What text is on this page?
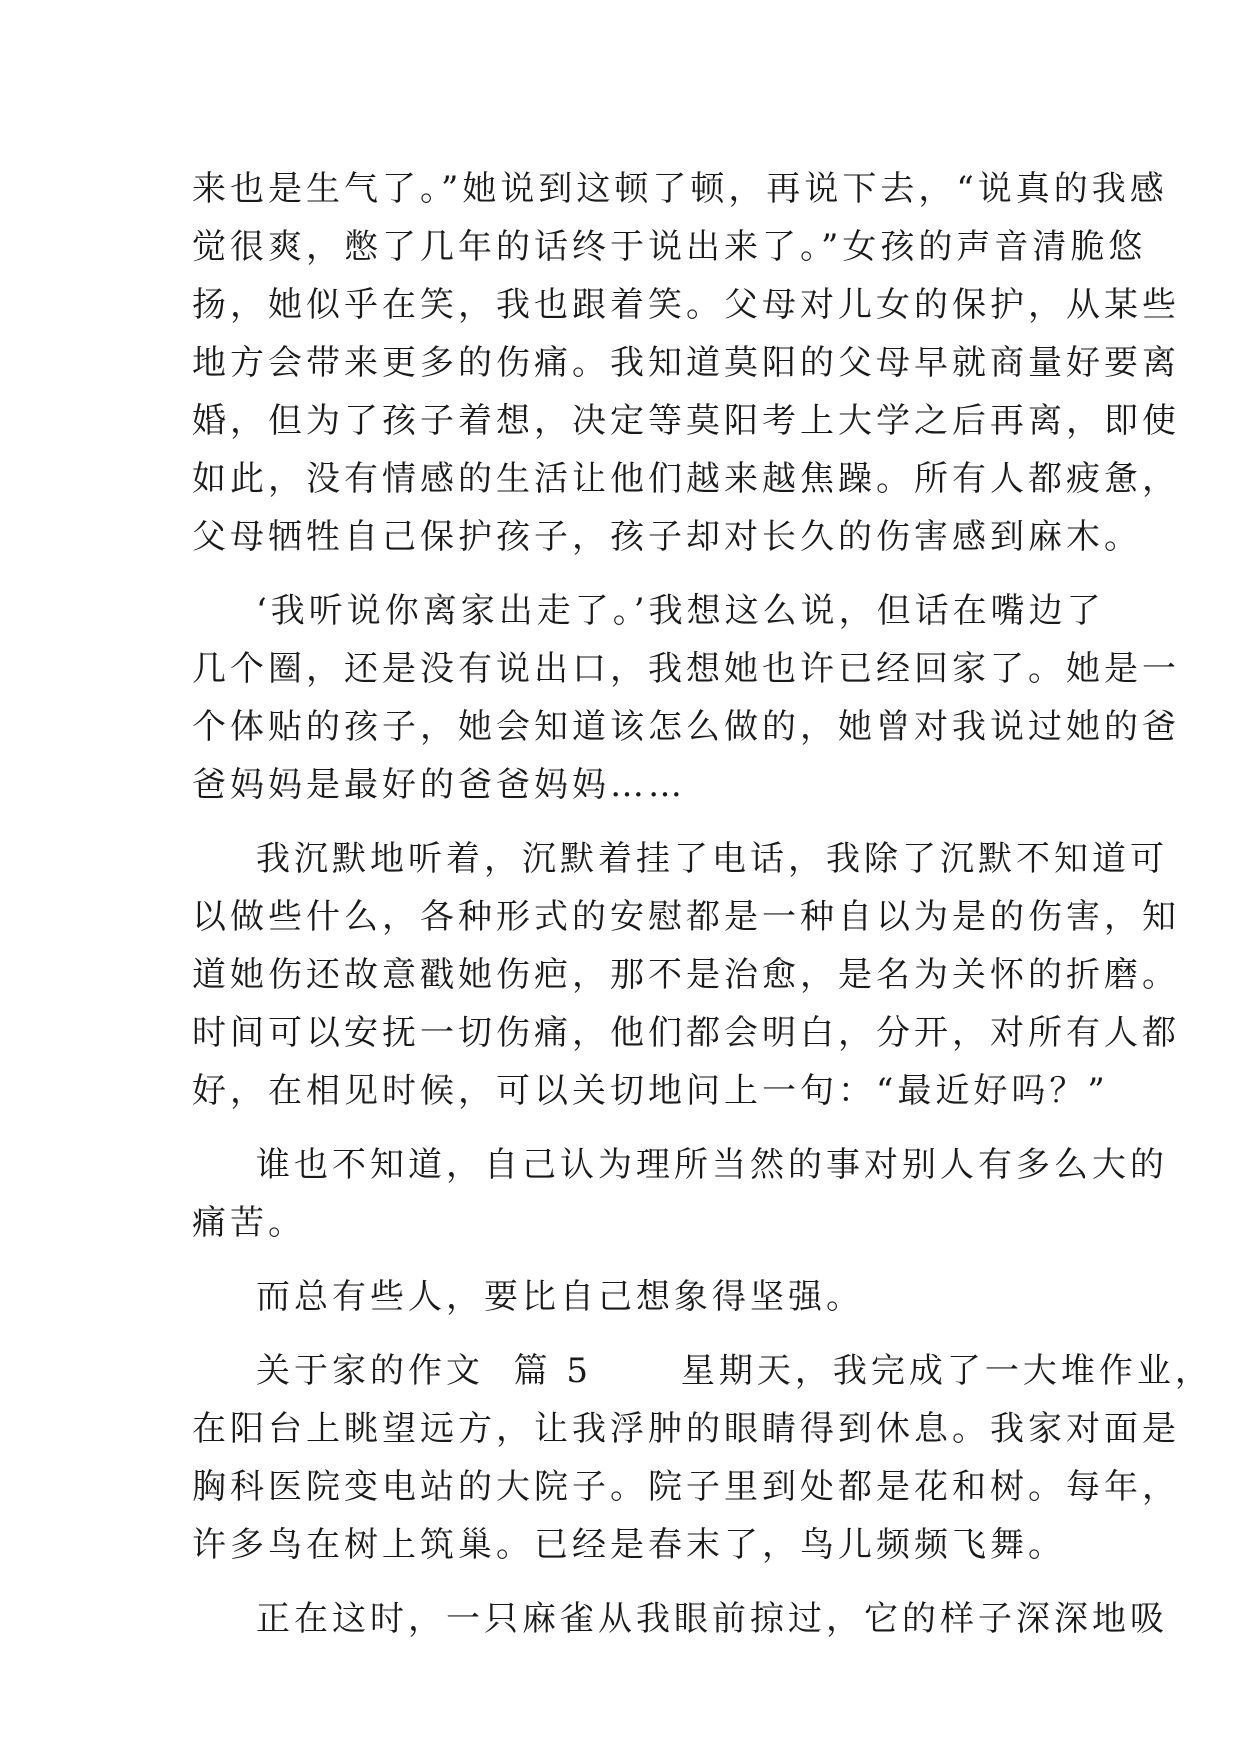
来也是生气了。”她说到这顿了顿，再说下去，“说真的我感
觉很爽，憋了几年的话终于说出来了。”女孩的声音清脆悠
扬，她似乎在笑，我也跟着笑。父母对儿女的保护，从某些
地方会带来更多的伤痛。我知道莫阳的父母早就商量好要离
婚，但为了孩子着想，决定等莫阳考上大学之后再离，即使
如此，没有情感的生活让他们越来越焦躁。所有人都疲惫，
父母牺牲自己保护孩子，孩子却对长久的伤害感到麻木。
‘我听说你离家出走了。’我想这么说，但话在嘴边了
几个圈，还是没有说出口，我想她也许已经回家了。她是一
个体贴的孩子，她会知道该怎么做的，她曾对我说过她的爸
爸妈妈是最好的爸爸妈妈……
我沉默地听着，沉默着挂了电话，我除了沉默不知道可
以做些什么，各种形式的安慰都是一种自以为是的伤害，知
道她伤还故意戳她伤疤，那不是治愈，是名为关怀的折磨。
时间可以安抚一切伤痛，他们都会明白，分开，对所有人都
好，在相见时候，可以关切地问上一句：“最近好吗？”
谁也不知道，自己认为理所当然的事对别人有多么大的
痛苦。
而总有些人，要比自己想象得坚强。
关于家的作文  篇 5      星期天，我完成了一大堆作业，
在阳台上眺望远方，让我浮肿的眼睛得到休息。我家对面是
胸科医院变电站的大院子。院子里到处都是花和树。每年，
许多鸟在树上筑巢。已经是春末了，鸟儿频频飞舞。
正在这时，一只麻雀从我眼前掠过，它的样子深深地吸
